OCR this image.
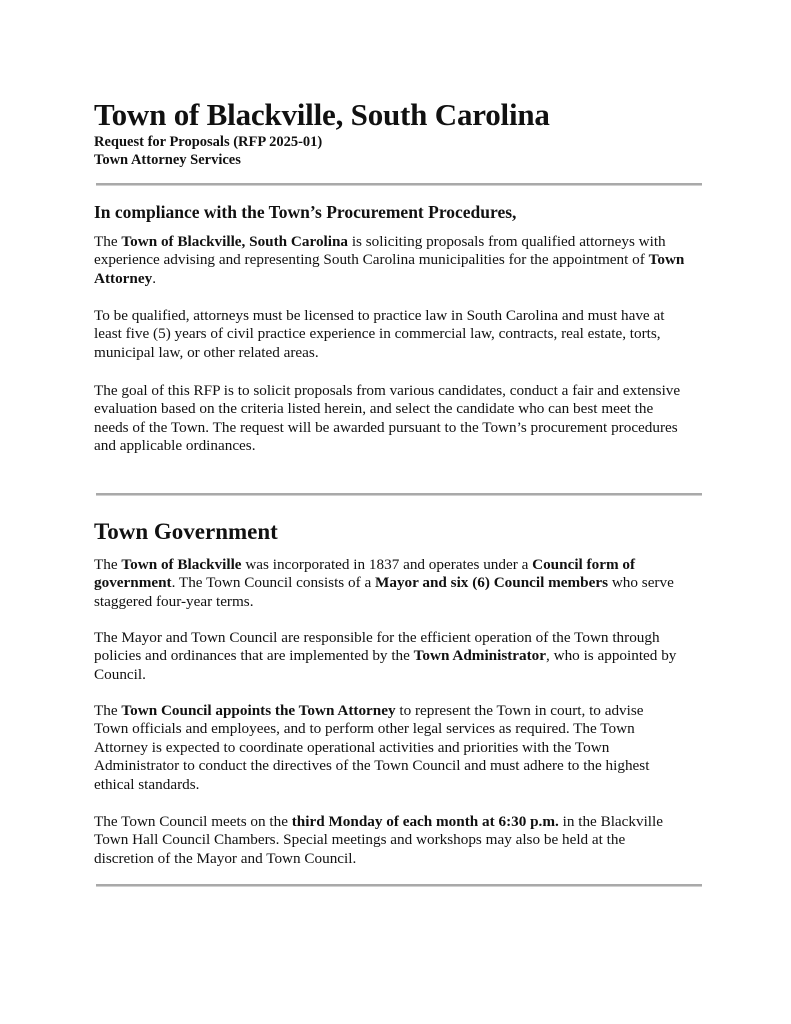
Town of Blackville, South Carolina
Request for Proposals (RFP 2025-01)
Town Attorney Services
In compliance with the Town’s Procurement Procedures,
The Town of Blackville, South Carolina is soliciting proposals from qualified attorneys with
experience advising and representing South Carolina municipalities for the appointment of Town
Attorney.
To be qualified, attorneys must be licensed to practice law in South Carolina and must have at
least five (5) years of civil practice experience in commercial law, contracts, real estate, torts,
municipal law, or other related areas.
The goal of this RFP is to solicit proposals from various candidates, conduct a fair and extensive
evaluation based on the criteria listed herein, and select the candidate who can best meet the
needs of the Town. The request will be awarded pursuant to the Town’s procurement procedures
and applicable ordinances.
Town Government
The Town of Blackville was incorporated in 1837 and operates under a Council form of
government. The Town Council consists of a Mayor and six (6) Council members who serve
staggered four-year terms.
The Mayor and Town Council are responsible for the efficient operation of the Town through
policies and ordinances that are implemented by the Town Administrator, who is appointed by
Council.
The Town Council appoints the Town Attorney to represent the Town in court, to advise
Town officials and employees, and to perform other legal services as required. The Town
Attorney is expected to coordinate operational activities and priorities with the Town
Administrator to conduct the directives of the Town Council and must adhere to the highest
ethical standards.
The Town Council meets on the third Monday of each month at 6:30 p.m. in the Blackville
Town Hall Council Chambers. Special meetings and workshops may also be held at the
discretion of the Mayor and Town Council.
